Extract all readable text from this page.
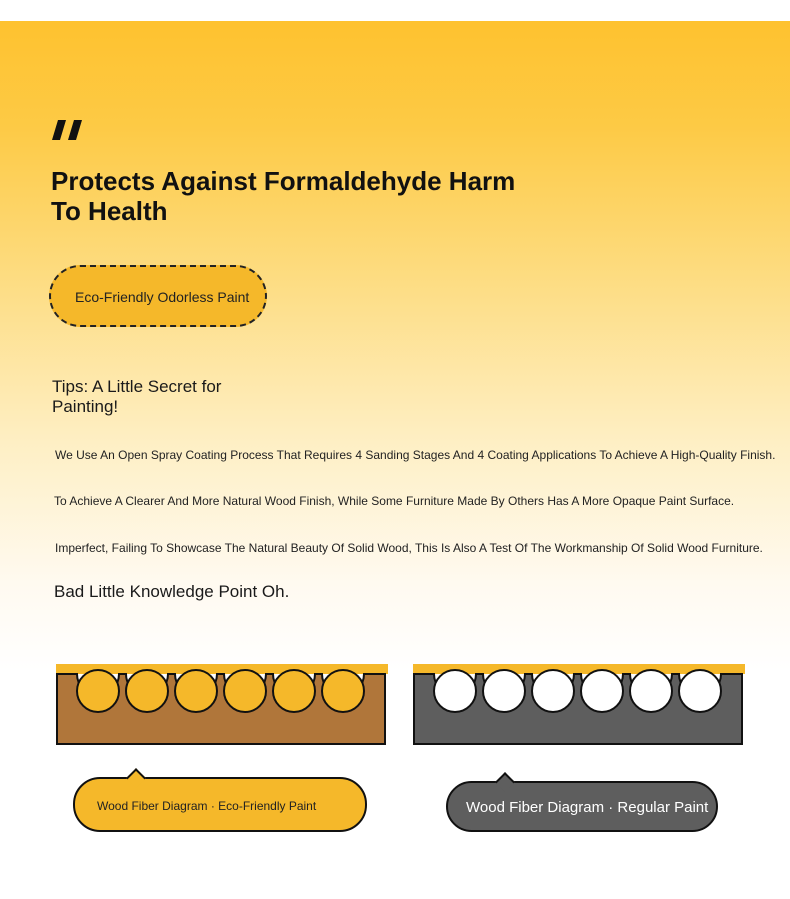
Protects Against Formaldehyde Harm
To Health
Eco-Friendly Odorless Paint
Tips: A Little Secret for
Painting!
We Use An Open Spray Coating Process That Requires 4 Sanding Stages And 4 Coating Applications To Achieve A High-Quality Finish.
To Achieve A Clearer And More Natural Wood Finish, While Some Furniture Made By Others Has A More Opaque Paint Surface.
Imperfect, Failing To Showcase The Natural Beauty Of Solid Wood, This Is Also A Test Of The Workmanship Of Solid Wood Furniture.
Bad Little Knowledge Point Oh.
Wood Fiber Diagram · Eco-Friendly Paint	Wood Fiber Diagram · Regular Paint
